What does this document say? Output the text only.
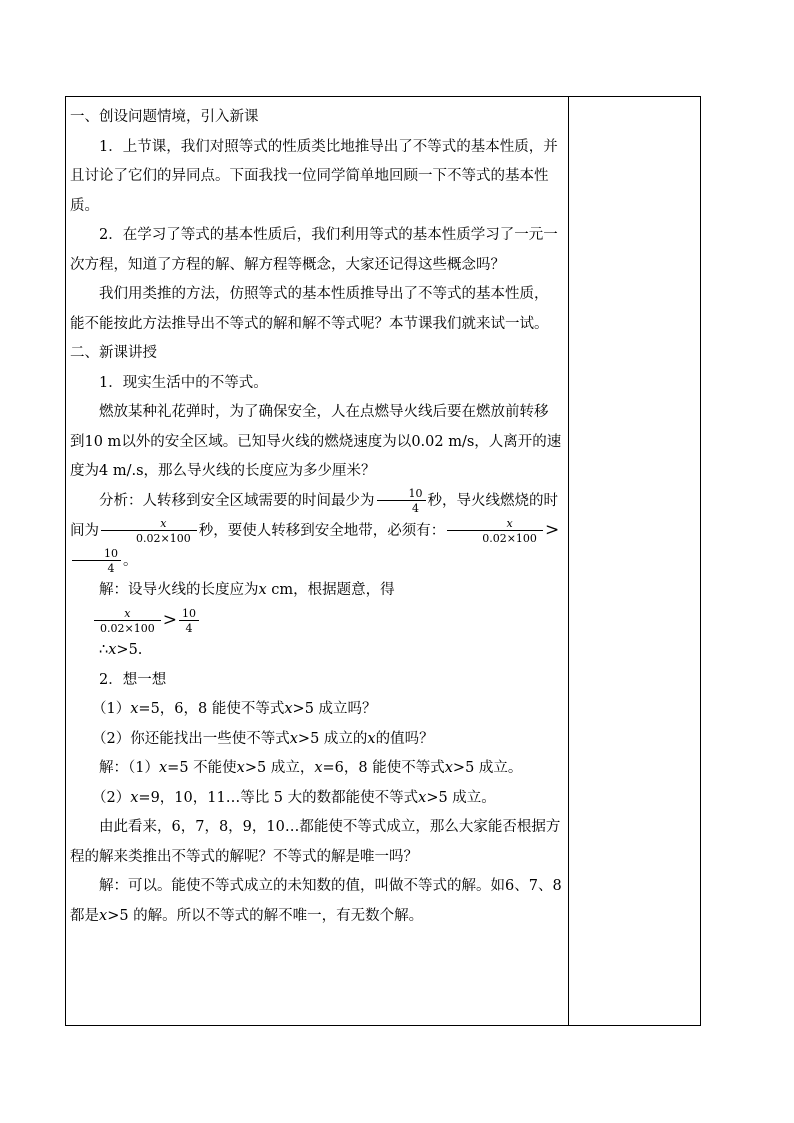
一、创设问题情境，引入新课

1．上节课，我们对照等式的性质类比地推导出了不等式的基本性质，并且讨论了它们的异同点。下面我找一位同学简单地回顾一下不等式的基本性质。

2．在学习了等式的基本性质后，我们利用等式的基本性质学习了一元一次方程，知道了方程的解、解方程等概念，大家还记得这些概念吗？

我们用类推的方法，仿照等式的基本性质推导出了不等式的基本性质，能不能按此方法推导出不等式的解和解不等式呢？本节课我们就来试一试。

二、新课讲授

1．现实生活中的不等式。

燃放某种礼花弹时，为了确保安全，人在点燃导火线后要在燃放前转移到10 m以外的安全区域。已知导火线的燃烧速度为以0.02 m/s，人离开的速度为4 m/.s，那么导火线的长度应为多少厘米？

分析：人转移到安全区域需要的时间最少为 $\frac{10}{4}$ 秒，导火线燃烧的时间为 $\frac{x}{0.02\times 100}$ 秒，要使人转移到安全地带，必须有： $\frac{x}{0.02\times 100}$ >
$\frac{10}{4}$ 。

解：设导火线的长度应为x cm，根据题意，得

$\frac{x}{0.02\times 100} > \frac{10}{4}$

∴x>5.

2．想一想

（1）x=5，6，8 能使不等式x>5 成立吗？

（2）你还能找出一些使不等式x>5 成立的x的值吗？

解：（1）x=5 不能使x>5 成立，x=6，8 能使不等式x>5 成立。

（2）x=9，10，11…等比 5 大的数都能使不等式x>5 成立。

由此看来，6，7，8，9，10…都能使不等式成立，那么大家能否根据方程的解来类推出不等式的解呢？不等式的解是唯一吗？

解：可以。能使不等式成立的未知数的值，叫做不等式的解。如6、7、8 都是x>5 的解。所以不等式的解不唯一，有无数个解。
